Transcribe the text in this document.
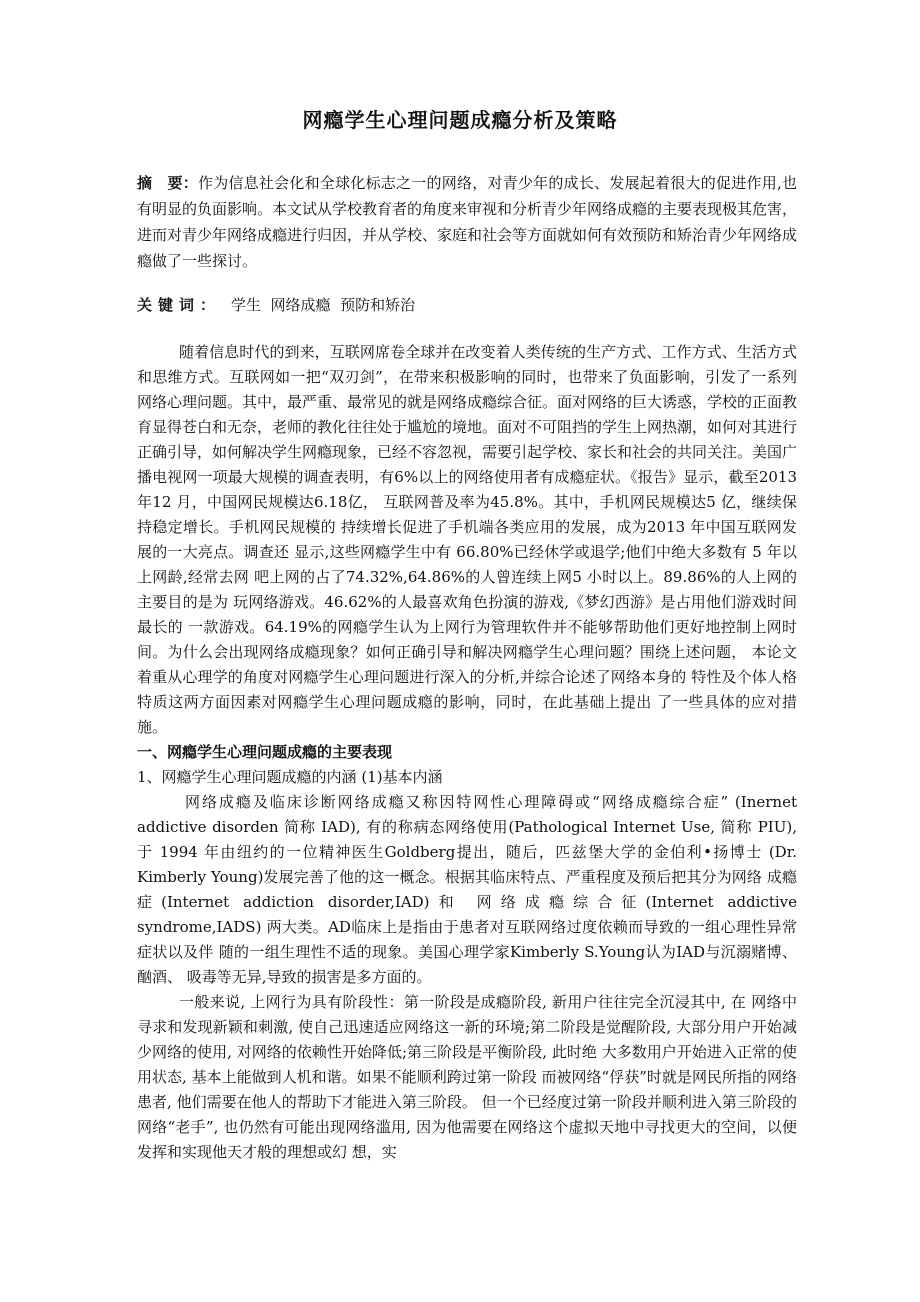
网瘾学生心理问题成瘾分析及策略
摘　要：作为信息社会化和全球化标志之一的网络，对青少年的成长、发展起着很大的促进作用,也有明显的负面影响。本文试从学校教育者的角度来审视和分析青少年网络成瘾的主要表现极其危害，进而对青少年网络成瘾进行归因，并从学校、家庭和社会等方面就如何有效预防和矫治青少年网络成瘾做了一些探讨。
关键词： 学生  网络成瘾  预防和矫治

随着信息时代的到来，互联网席卷全球并在改变着人类传统的生产方式、工作方式、生活方式和思维方式。互联网如一把“双刃剑”，在带来积极影响的同时，也带来了负面影响，引发了一系列网络心理问题。其中，最严重、最常见的就是网络成瘾综合征。面对网络的巨大诱惑，学校的正面教育显得苍白和无奈，老师的教化往往处于尴尬的境地。面对不可阻挡的学生上网热潮，如何对其进行正确引导，如何解决学生网瘾现象，已经不容忽视，需要引起学校、家长和社会的共同关注。美国广播电视网一项最大规模的调查表明，有6%以上的网络使用者有成瘾症状。《报告》显示，截至2013 年12 月，中国网民规模达6.18亿， 互联网普及率为45.8%。其中，手机网民规模达5 亿，继续保持稳定增长。手机网民规模的 持续增长促进了手机端各类应用的发展，成为2013 年中国互联网发展的一大亮点。调查还 显示,这些网瘾学生中有 66.80%已经休学或退学;他们中绝大多数有 5 年以上网龄,经常去网 吧上网的占了74.32%,64.86%的人曾连续上网5 小时以上。89.86%的人上网的主要目的是为 玩网络游戏。46.62%的人最喜欢角色扮演的游戏,《梦幻西游》是占用他们游戏时间最长的 一款游戏。64.19%的网瘾学生认为上网行为管理软件并不能够帮助他们更好地控制上网时 间。为什么会出现网络成瘾现象？如何正确引导和解决网瘾学生心理问题？围绕上述问题， 本论文着重从心理学的角度对网瘾学生心理问题进行深入的分析,并综合论述了网络本身的 特性及个体人格特质这两方面因素对网瘾学生心理问题成瘾的影响，同时，在此基础上提出 了一些具体的应对措施。

一、网瘾学生心理问题成瘾的主要表现

1、网瘾学生心理问题成瘾的内涵 (1)基本内涵

网络成瘾及临床诊断网络成瘾又称因特网性心理障碍或“网络成瘾综合症” (Inernet addictive disorden 简称 IAD), 有的称病态网络使用(Pathological Internet Use, 简称 PIU), 于 1994 年由纽约的一位精神医生Goldberg提出，随后，匹兹堡大学的金伯利•扬博士 (Dr. Kimberly Young)发展完善了他的这一概念。根据其临床特点、严重程度及预后把其分为网络 成瘾症(Internet addiction disorder,IAD)和 网络成瘾综合征(Internet addictive syndrome,IADS) 两大类。AD临床上是指由于患者对互联网络过度依赖而导致的一组心理性异常症状以及伴 随的一组生理性不适的现象。美国心理学家Kimberly S.Young认为IAD与沉溺赌博、酗酒、 吸毒等无异,导致的损害是多方面的。

一般来说, 上网行为具有阶段性：第一阶段是成瘾阶段, 新用户往往完全沉浸其中, 在 网络中寻求和发现新颖和刺激, 使自己迅速适应网络这一新的环境;第二阶段是觉醒阶段, 大部分用户开始减少网络的使用, 对网络的依赖性开始降低;第三阶段是平衡阶段, 此时绝 大多数用户开始进入正常的使用状态, 基本上能做到人机和谐。如果不能顺利跨过第一阶段 而被网络“俘获”时就是网民所指的网络患者, 他们需要在他人的帮助下才能进入第三阶段。 但一个已经度过第一阶段并顺利进入第三阶段的网络“老手”, 也仍然有可能出现网络滥用, 因为他需要在网络这个虚拟天地中寻找更大的空间，以便发挥和实现他天才般的理想或幻 想，实
